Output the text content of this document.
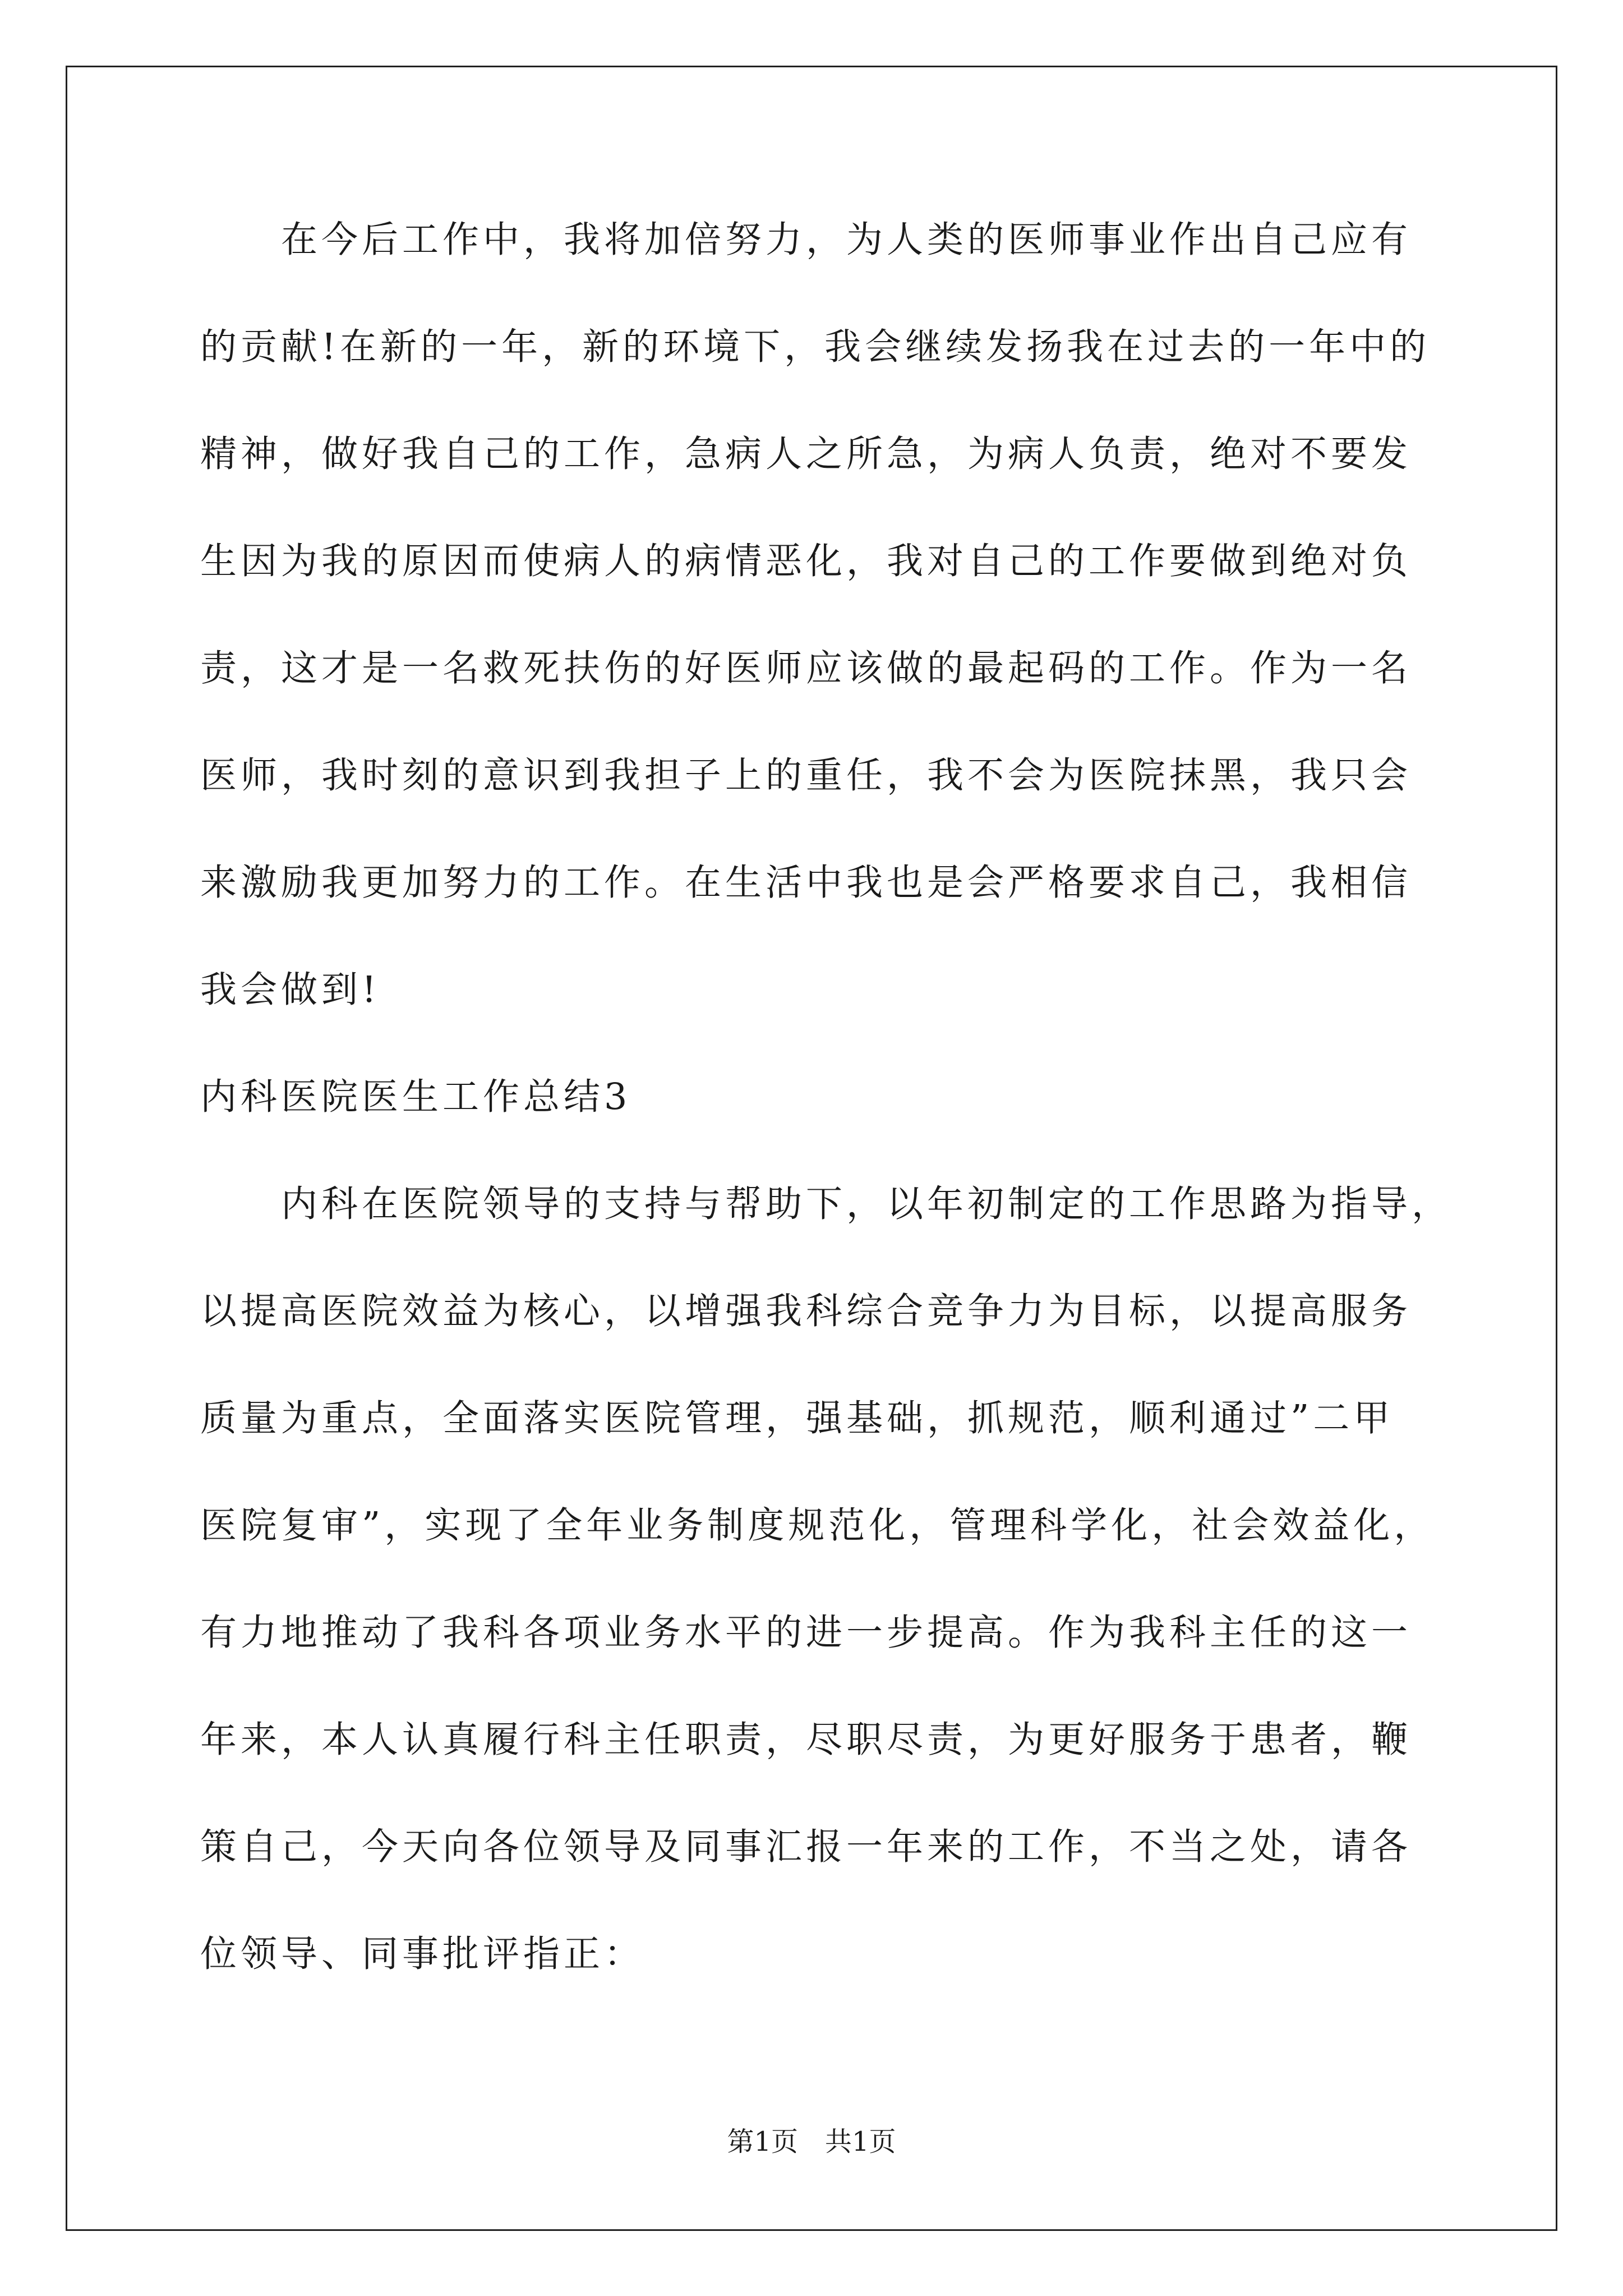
　　在今后工作中，我将加倍努力，为人类的医师事业作出自己应有
的贡献!在新的一年，新的环境下，我会继续发扬我在过去的一年中的
精神，做好我自己的工作，急病人之所急，为病人负责，绝对不要发
生因为我的原因而使病人的病情恶化，我对自己的工作要做到绝对负
责，这才是一名救死扶伤的好医师应该做的最起码的工作。作为一名
医师，我时刻的意识到我担子上的重任，我不会为医院抹黑，我只会
来激励我更加努力的工作。在生活中我也是会严格要求自己，我相信
我会做到!
内科医院医生工作总结3
　　内科在医院领导的支持与帮助下，以年初制定的工作思路为指导，
以提高医院效益为核心，以增强我科综合竞争力为目标，以提高服务
质量为重点，全面落实医院管理，强基础，抓规范，顺利通过”二甲
医院复审”，实现了全年业务制度规范化，管理科学化，社会效益化，
有力地推动了我科各项业务水平的进一步提高。作为我科主任的这一
年来，本人认真履行科主任职责，尽职尽责，为更好服务于患者，鞭
策自己，今天向各位领导及同事汇报一年来的工作，不当之处，请各
位领导、同事批评指正：
第1页　共1页
